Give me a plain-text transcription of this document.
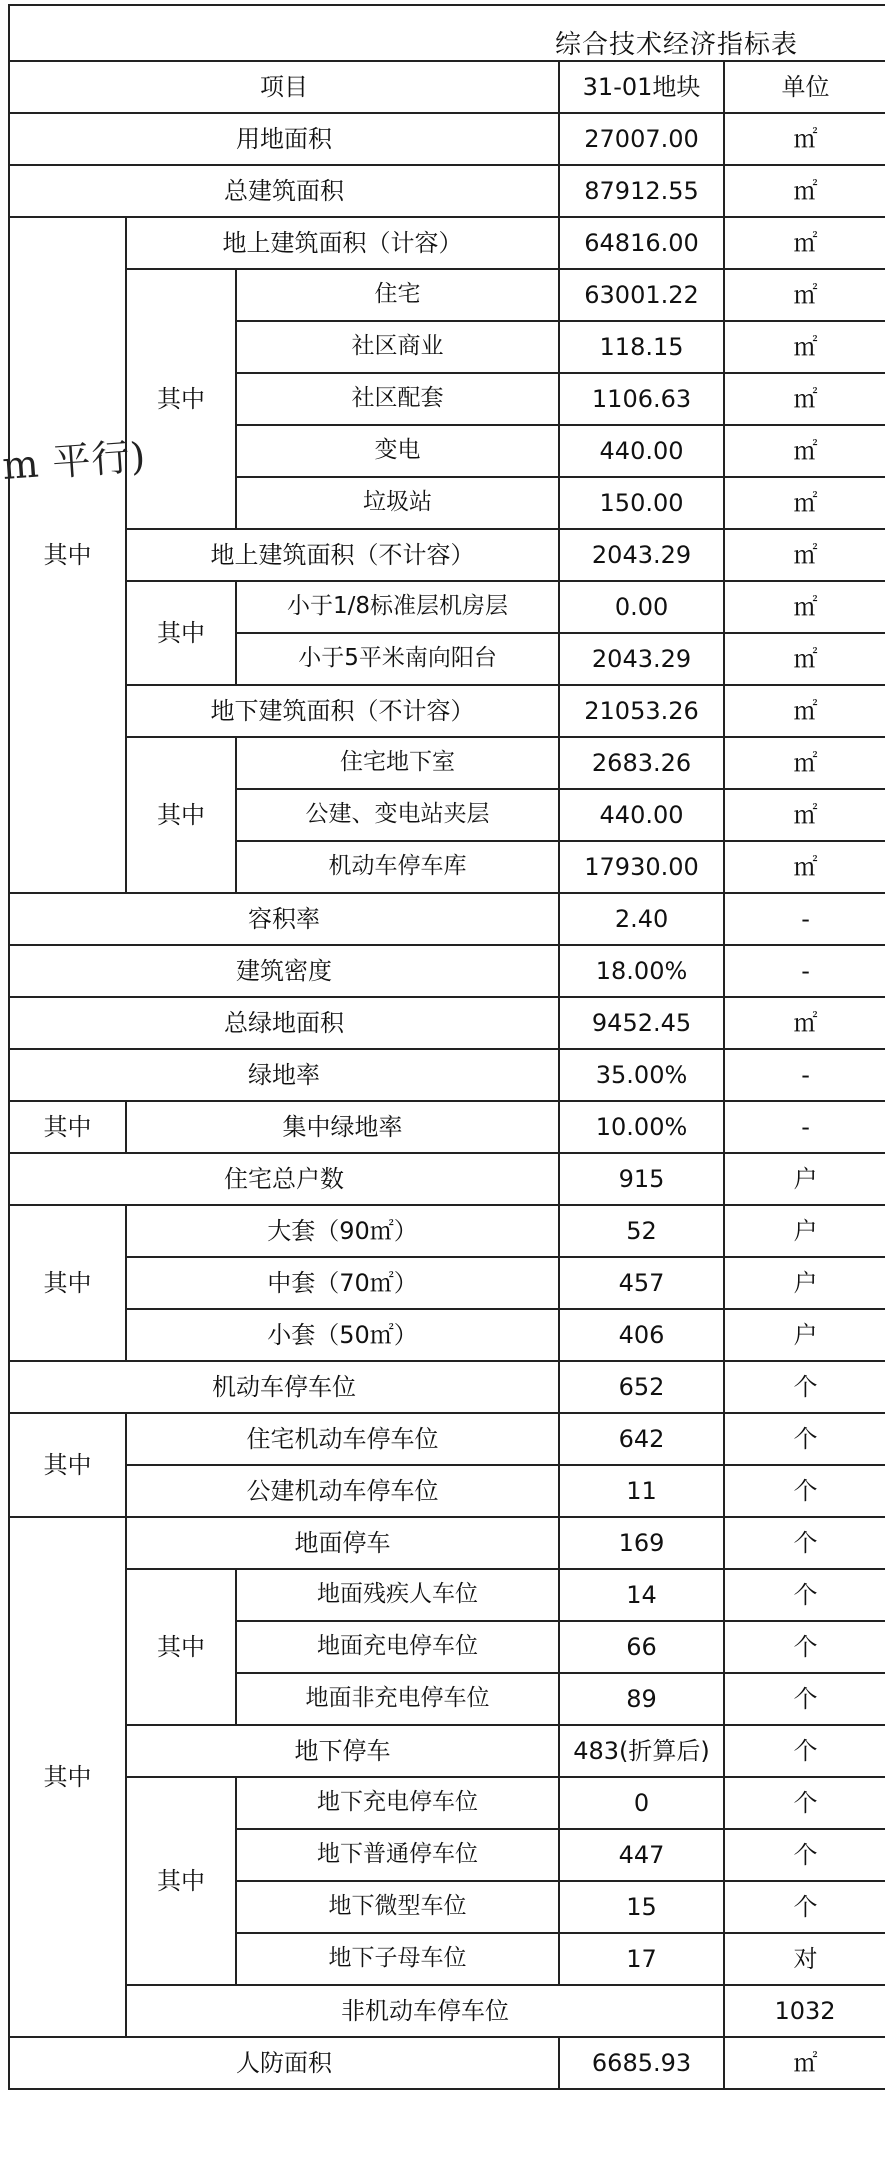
综合技术经济指标表
项目			31-01地块	单位	
用地面积			27007.00	㎡	
总建筑面积			87912.55	㎡	
其中	地上建筑面积（计容）		64816.00	㎡	
	其中	住宅	63001.22	㎡	
		社区商业	118.15	㎡	
		社区配套	1106.63	㎡	
		变电	440.00	㎡	
		垃圾站	150.00	㎡	
	地上建筑面积（不计容）		2043.29	㎡	
	其中	小于1/8标准层机房层	0.00	㎡	
		小于5平米南向阳台	2043.29	㎡	
	地下建筑面积（不计容）		21053.26	㎡	
	其中	住宅地下室	2683.26	㎡	
		公建、变电站夹层	440.00	㎡	
		机动车停车库	17930.00	㎡	
容积率			2.40	-	
建筑密度			18.00%	-	
总绿地面积			9452.45	㎡	
绿地率			35.00%	-	
其中	集中绿地率		10.00%	-	
住宅总户数			915	户	
其中	大套（90㎡）		52	户	
	中套（70㎡）		457	户	
	小套（50㎡）		406	户	
机动车停车位			652	个	
其中	住宅机动车停车位		642	个	
	公建机动车停车位		11	个	
其中	地面停车		169	个	
	其中	地面残疾人车位	14	个	
		地面充电停车位	66	个	
		地面非充电停车位	89	个	
	地下停车		483(折算后)	个	
	其中	地下充电停车位	0	个	
		地下普通停车位	447	个	
		地下微型车位	15	个	
		地下子母车位	17	对	
	非机动车停车位			1032	
人防面积			6685.93	㎡	
m 平行)
